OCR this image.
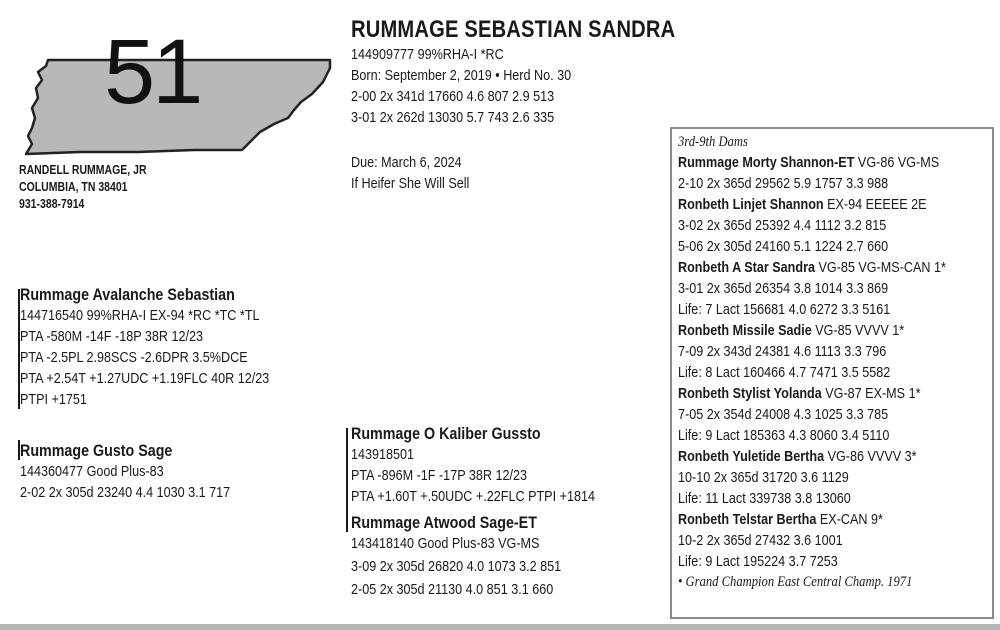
51
RANDELL RUMMAGE, JR
COLUMBIA, TN 38401
931-388-7914
RUMMAGE SEBASTIAN SANDRA
144909777 99%RHA-I *RC
Born: September 2, 2019 • Herd No. 30
2-00 2x 341d 17660 4.6 807 2.9 513
3-01 2x 262d 13030 5.7 743 2.6 335
Due: March 6, 2024
If Heifer She Will Sell
Rummage Avalanche Sebastian
144716540 99%RHA-I EX-94 *RC *TC *TL
PTA -580M -14F -18P 38R 12/23
PTA -2.5PL 2.98SCS -2.6DPR 3.5%DCE
PTA +2.54T +1.27UDC +1.19FLC 40R 12/23
PTPI +1751
Rummage Gusto Sage
144360477 Good Plus-83
2-02 2x 305d 23240 4.4 1030 3.1 717
Rummage O Kaliber Gussto
143918501
PTA -896M -1F -17P 38R 12/23
PTA +1.60T +.50UDC +.22FLC PTPI +1814
Rummage Atwood Sage-ET
143418140 Good Plus-83 VG-MS
3-09 2x 305d 26820 4.0 1073 3.2 851
2-05 2x 305d 21130 4.0 851 3.1 660
3rd-9th Dams
Rummage Morty Shannon-ET VG-86 VG-MS
2-10 2x 365d 29562 5.9 1757 3.3 988
Ronbeth Linjet Shannon EX-94 EEEEE 2E
3-02 2x 365d 25392 4.4 1112 3.2 815
5-06 2x 305d 24160 5.1 1224 2.7 660
Ronbeth A Star Sandra VG-85 VG-MS-CAN 1*
3-01 2x 365d 26354 3.8 1014 3.3 869
Life: 7 Lact 156681 4.0 6272 3.3 5161
Ronbeth Missile Sadie VG-85 VVVV 1*
7-09 2x 343d 24381 4.6 1113 3.3 796
Life: 8 Lact 160466 4.7 7471 3.5 5582
Ronbeth Stylist Yolanda VG-87 EX-MS 1*
7-05 2x 354d 24008 4.3 1025 3.3 785
Life: 9 Lact 185363 4.3 8060 3.4 5110
Ronbeth Yuletide Bertha VG-86 VVVV 3*
10-10 2x 365d 31720 3.6 1129
Life: 11 Lact 339738 3.8 13060
Ronbeth Telstar Bertha EX-CAN 9*
10-2 2x 365d 27432 3.6 1001
Life: 9 Lact 195224 3.7 7253
• Grand Champion East Central Champ. 1971
